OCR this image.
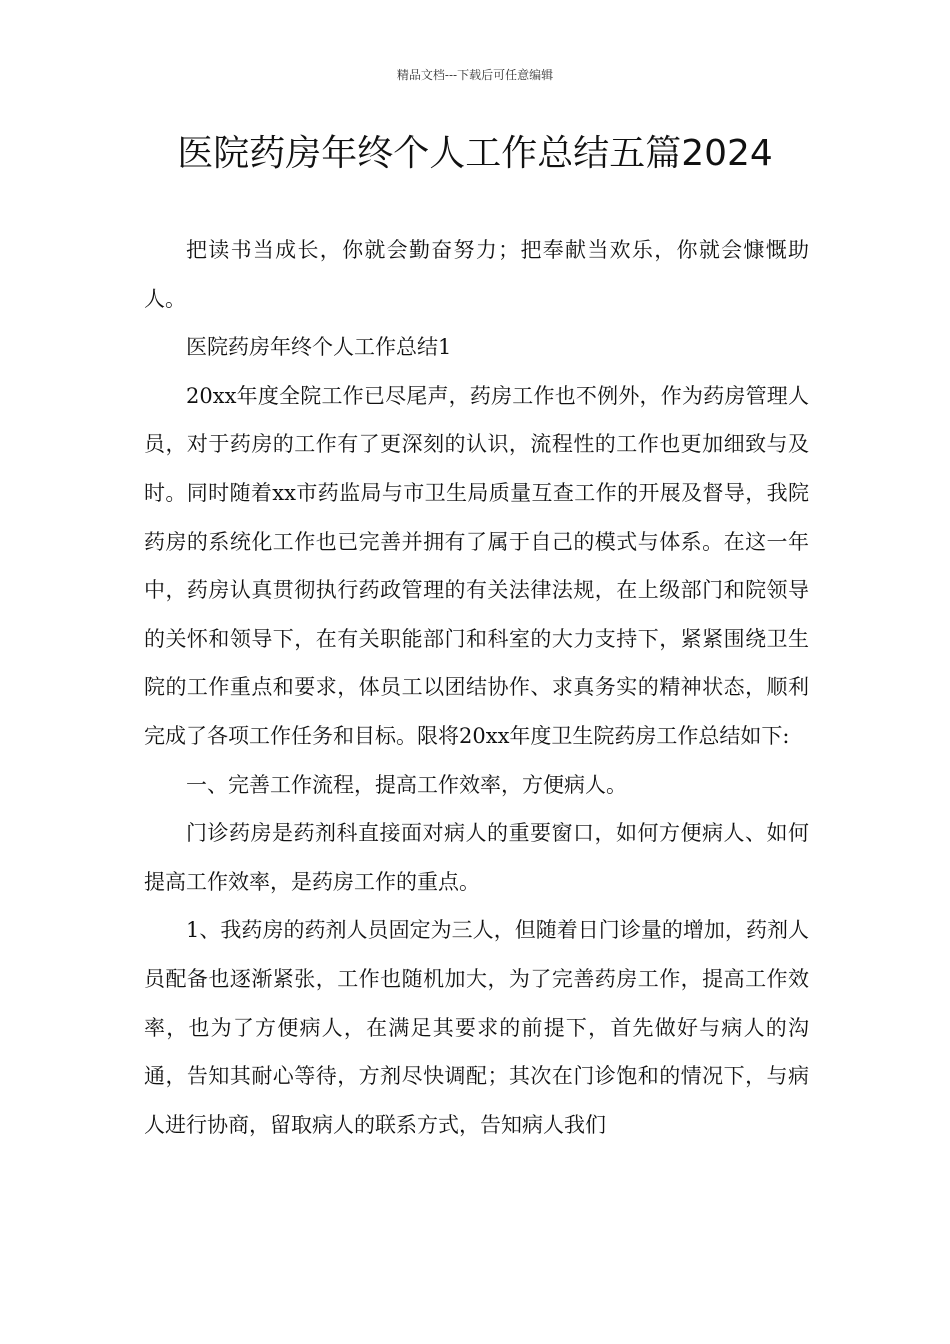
精品文档---下载后可任意编辑
医院药房年终个人工作总结五篇2024

把读书当成长，你就会勤奋努力；把奉献当欢乐，你就会慷慨助人。

医院药房年终个人工作总结1

20xx年度全院工作已尽尾声，药房工作也不例外，作为药房管理人员，对于药房的工作有了更深刻的认识，流程性的工作也更加细致与及时。同时随着xx市药监局与市卫生局质量互查工作的开展及督导，我院药房的系统化工作也已完善并拥有了属于自己的模式与体系。在这一年中，药房认真贯彻执行药政管理的有关法律法规，在上级部门和院领导的关怀和领导下，在有关职能部门和科室的大力支持下，紧紧围绕卫生院的工作重点和要求，体员工以团结协作、求真务实的精神状态，顺利完成了各项工作任务和目标。限将20xx年度卫生院药房工作总结如下:

一、完善工作流程，提高工作效率，方便病人。

门诊药房是药剂科直接面对病人的重要窗口，如何方便病人、如何提高工作效率，是药房工作的重点。

1、我药房的药剂人员固定为三人，但随着日门诊量的增加，药剂人员配备也逐渐紧张，工作也随机加大，为了完善药房工作，提高工作效率，也为了方便病人，在满足其要求的前提下，首先做好与病人的沟通，告知其耐心等待，方剂尽快调配；其次在门诊饱和的情况下，与病人进行协商，留取病人的联系方式，告知病人我们
